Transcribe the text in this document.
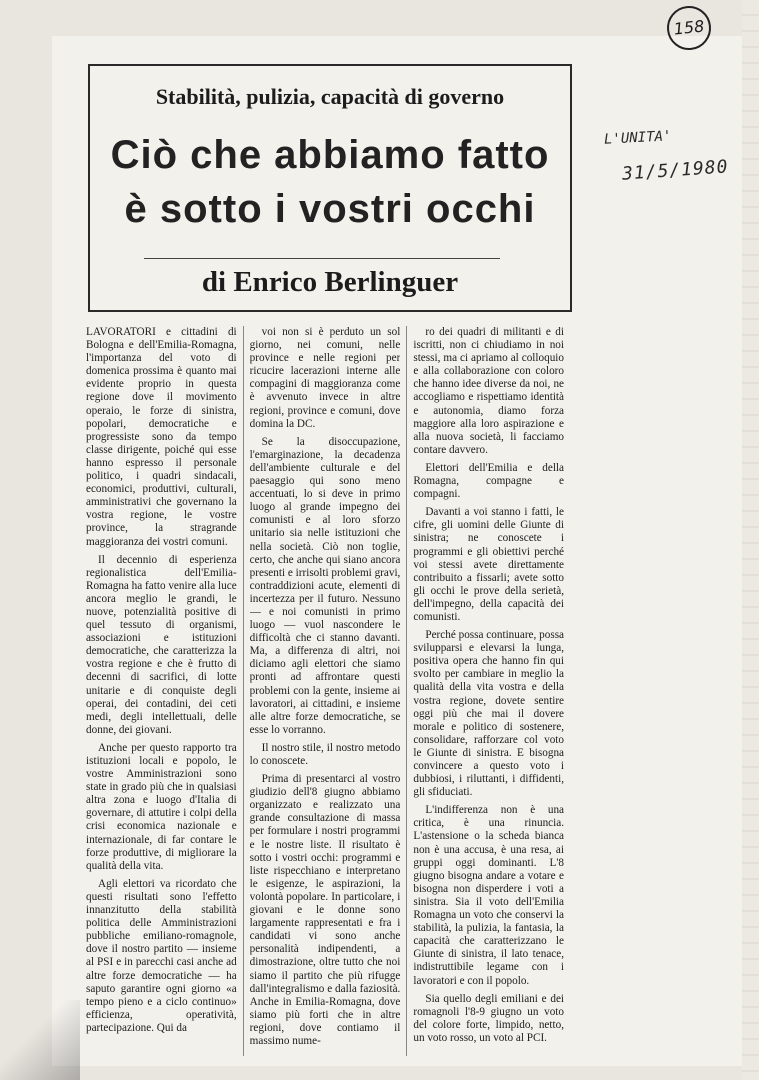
158
L'UNITA'
31/5/1980
Stabilità, pulizia, capacità di governo
Ciò che abbiamo fatto
è sotto i vostri occhi
di Enrico Berlinguer

LAVORATORI e cittadini di Bologna e dell'Emilia-Romagna, l'importanza del voto di domenica prossima è quanto mai evidente proprio in questa regione dove il movimento operaio, le forze di sinistra, popolari, democratiche e progressiste sono da tempo classe dirigente, poiché qui esse hanno espresso il personale politico, i quadri sindacali, economici, produttivi, culturali, amministrativi che governano la vostra regione, le vostre province, la stragrande maggioranza dei vostri comuni.

Il decennio di esperienza regionalistica dell'Emilia-Romagna ha fatto venire alla luce ancora meglio le grandi, le nuove, potenzialità positive di quel tessuto di organismi, associazioni e istituzioni democratiche, che caratterizza la vostra regione e che è frutto di decenni di sacrifici, di lotte unitarie e di conquiste degli operai, dei contadini, dei ceti medi, degli intellettuali, delle donne, dei giovani.

Anche per questo rapporto tra istituzioni locali e popolo, le vostre Amministrazioni sono state in grado più che in qualsiasi altra zona e luogo d'Italia di governare, di attutire i colpi della crisi economica nazionale e internazionale, di far contare le forze produttive, di migliorare la qualità della vita.

Agli elettori va ricordato che questi risultati sono l'effetto innanzitutto della stabilità politica delle Amministrazioni pubbliche emiliano-romagnole, dove il nostro partito — insieme al PSI e in parecchi casi anche ad altre forze democratiche — ha saputo garantire ogni giorno «a tempo pieno e a ciclo continuo» efficienza, operatività, partecipazione. Qui da

voi non si è perduto un sol giorno, nei comuni, nelle province e nelle regioni per ricucire lacerazioni interne alle compagini di maggioranza come è avvenuto invece in altre regioni, province e comuni, dove domina la DC.

Se la disoccupazione, l'emarginazione, la decadenza dell'ambiente culturale e del paesaggio qui sono meno accentuati, lo si deve in primo luogo al grande impegno dei comunisti e al loro sforzo unitario sia nelle istituzioni che nella società. Ciò non toglie, certo, che anche qui siano ancora presenti e irrisolti problemi gravi, contraddizioni acute, elementi di incertezza per il futuro. Nessuno — e noi comunisti in primo luogo — vuol nascondere le difficoltà che ci stanno davanti. Ma, a differenza di altri, noi diciamo agli elettori che siamo pronti ad affrontare questi problemi con la gente, insieme ai lavoratori, ai cittadini, e insieme alle altre forze democratiche, se esse lo vorranno.

Il nostro stile, il nostro metodo lo conoscete.

Prima di presentarci al vostro giudizio dell'8 giugno abbiamo organizzato e realizzato una grande consultazione di massa per formulare i nostri programmi e le nostre liste. Il risultato è sotto i vostri occhi: programmi e liste rispecchiano e interpretano le esigenze, le aspirazioni, la volontà popolare. In particolare, i giovani e le donne sono largamente rappresentati e fra i candidati vi sono anche personalità indipendenti, a dimostrazione, oltre tutto che noi siamo il partito che più rifugge dall'integralismo e dalla faziosità. Anche in Emilia-Romagna, dove siamo più forti che in altre regioni, dove contiamo il massimo nume-

ro dei quadri di militanti e di iscritti, non ci chiudiamo in noi stessi, ma ci apriamo al colloquio e alla collaborazione con coloro che hanno idee diverse da noi, ne accogliamo e rispettiamo identità e autonomia, diamo forza maggiore alla loro aspirazione e alla nuova società, li facciamo contare davvero.

Elettori dell'Emilia e della Romagna, compagne e compagni.

Davanti a voi stanno i fatti, le cifre, gli uomini delle Giunte di sinistra; ne conoscete i programmi e gli obiettivi perché voi stessi avete direttamente contribuito a fissarli; avete sotto gli occhi le prove della serietà, dell'impegno, della capacità dei comunisti.

Perché possa continuare, possa svilupparsi e elevarsi la lunga, positiva opera che hanno fin qui svolto per cambiare in meglio la qualità della vita vostra e della vostra regione, dovete sentire oggi più che mai il dovere morale e politico di sostenere, consolidare, rafforzare col voto le Giunte di sinistra. E bisogna convincere a questo voto i dubbiosi, i riluttanti, i diffidenti, gli sfiduciati.

L'indifferenza non è una critica, è una rinuncia. L'astensione o la scheda bianca non è una accusa, è una resa, ai gruppi oggi dominanti. L'8 giugno bisogna andare a votare e bisogna non disperdere i voti a sinistra. Sia il voto dell'Emilia Romagna un voto che conservi la stabilità, la pulizia, la fantasia, la capacità che caratterizzano le Giunte di sinistra, il lato tenace, indistruttibile legame con i lavoratori e con il popolo.

Sia quello degli emiliani e dei romagnoli l'8-9 giugno un voto del colore forte, limpido, netto, un voto rosso, un voto al PCI.
